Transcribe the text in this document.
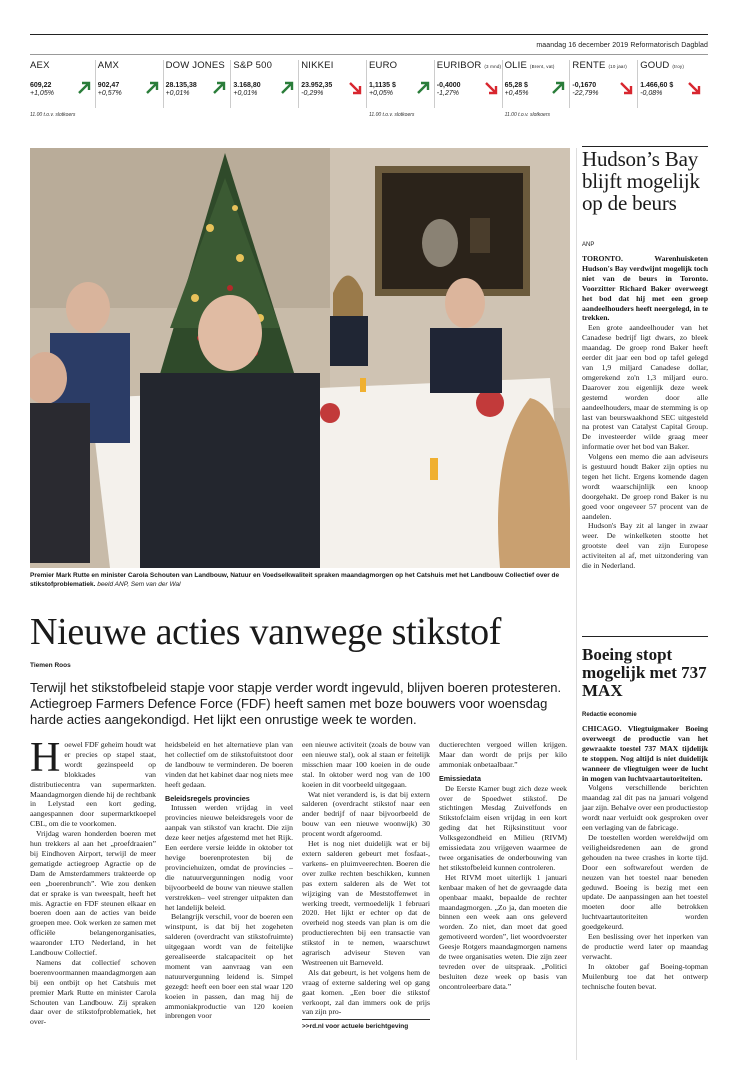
maandag 16 december 2019 Reformatorisch Dagblad
AEX
609,22
+1,05%
11.00 t.o.v. slotkoers
AMX
902,47
+0,57%
DOW JONES
28.135,38
+0,01%
S&P 500
3.168,80
+0,01%
NIKKEI
23.952,35
-0,29%
EURO
1,1135 $
+0,05%
11.00 t.o.v. slotkoers
EURIBOR (3 mnd)
-0,4000
-1,27%
OLIE (Brent, vat)
65,28 $
+0,45%
11.00 t.o.v. slotkoers
RENTE (10 jaar)
-0,1670
-22,79%
GOUD (troy)
1.466,60 $
-0,08%
Premier Mark Rutte en minister Carola Schouten van Landbouw, Natuur en Voedselkwaliteit spraken maandagmorgen op het Catshuis met het Landbouw Collectief over de stikstofproblematiek. beeld ANP, Sem van der Wal
Nieuwe acties vanwege stikstof
Tiemen Roos
Terwijl het stikstofbeleid stapje voor stapje verder wordt ingevuld, blijven boeren protesteren. Actiegroep Farmers Defence Force (FDF) heeft samen met boze bouwers voor woensdag harde acties aangekondigd. Het lijkt een onrustige week te worden.

Hoewel FDF geheim houdt wat er precies op stapel staat, wordt gezinspeeld op blokkades van distributiecentra van supermarkten. Maandagmorgen diende hij de rechtbank in Lelystad een kort geding, aangespannen door supermarktkoepel CBL, om die te voorkomen.

Vrijdag waren honderden boeren met hun trekkers al aan het „proefdraaien” bij Eindhoven Airport, terwijl de meer gematigde actiegroep Agractie op de Dam de Amsterdammers trakteerde op een „boerenbrunch”. Wie zou denken dat er sprake is van tweespalt, heeft het mis. Agractie en FDF steunen elkaar en boeren doen aan de acties van beide groepen mee. Ook werken ze samen met officiële belangenorganisaties, waaronder LTO Nederland, in het Landbouw Collectief.

Namens dat collectief schoven boerenvoormannen maandagmorgen aan bij een ontbijt op het Catshuis met premier Mark Rutte en minister Carola Schouten van Landbouw. Zij spraken daar over de stikstofproblematiek, het over-

heidsbeleid en het alternatieve plan van het collectief om de stikstofuitstoot door de landbouw te verminderen. De boeren vinden dat het kabinet daar nog niets mee heeft gedaan.

Beleidsregels provincies

Intussen werden vrijdag in veel provincies nieuwe beleidsregels voor de aanpak van stikstof van kracht. Die zijn deze keer netjes afgestemd met het Rijk. Een eerdere versie leidde in oktober tot hevige boerenprotesten bij de provinciehuizen, omdat de provincies –die natuurvergunningen nodig voor bijvoorbeeld de bouw van nieuwe stallen verstrekken– veel strenger uitpakten dan het landelijk beleid.

Belangrijk verschil, voor de boeren een winstpunt, is dat bij het zogeheten salderen (overdracht van stikstofruimte) uitgegaan wordt van de feitelijke gerealiseerde stalcapaciteit op het moment van aanvraag van een natuurvergunning leidend is. Simpel gezegd: heeft een boer een stal waar 120 koeien in passen, dan mag hij de ammoniakproductie van 120 koeien inbrengen voor

een nieuwe activiteit (zoals de bouw van een nieuwe stal), ook al staan er feitelijk misschien maar 100 koeien in de oude stal. In oktober werd nog van de 100 koeien in dit voorbeeld uitgegaan.

Wat niet veranderd is, is dat bij extern salderen (overdracht stikstof naar een ander bedrijf of naar bijvoorbeeld de bouw van een nieuwe woonwijk) 30 procent wordt afgeroomd.

Het is nog niet duidelijk wat er bij extern salderen gebeurt met fosfaat-, varkens- en pluimveerechten. Boeren die over zulke rechten beschikken, kunnen pas extern salderen als de Wet tot wijziging van de Meststoffenwet in werking treedt, vermoedelijk 1 februari 2020. Het lijkt er echter op dat de overheid nog steeds van plan is om die productierechten bij een transactie van stikstof in te nemen, waarschuwt agrarisch adviseur Steven van Westreenen uit Barneveld.

Als dat gebeurt, is het volgens hem de vraag of externe saldering wel op gang gaat komen. „Een boer die stikstof verkoopt, zal dan immers ook de prijs van zijn pro-

>>rd.nl voor actuele berichtgeving

ductierechten vergoed willen krijgen. Maar dan wordt de prijs per kilo ammoniak onbetaalbaar.”

Emissiedata

De Eerste Kamer bugt zich deze week over de Spoedwet stikstof. De stichtingen Mesdag Zuivelfonds en Stikstofclaim eisen vrijdag in een kort geding dat het Rijksinstituut voor Volksgezondheid en Milieu (RIVM) emissiedata zou vrijgeven waarmee de twee organisaties de onderbouwing van het stikstofbeleid kunnen controleren.

Het RIVM moet uiterlijk 1 januari kenbaar maken of het de gevraagde data openbaar maakt, bepaalde de rechter maandagmorgen. „Zo ja, dan moeten die binnen een week aan ons geleverd worden. Zo niet, dan moet dat goed gemotiveerd worden”, liet woordvoerster Geesje Rotgers maandagmorgen namens de twee organisaties weten. Die zijn zeer tevreden over de uitspraak. „Politici besluiten deze week op basis van oncontroleerbare data.”

Hudson’s Bay blijft mogelijk op de beurs
ANP

TORONTO. Warenhuisketen Hudson's Bay verdwijnt mogelijk toch niet van de beurs in Toronto. Voorzitter Richard Baker overweegt het bod dat hij met een groep aandeelhouders heeft neergelegd, in te trekken.

Een grote aandeelhouder van het Canadese bedrijf ligt dwars, zo bleek maandag. De groep rond Baker heeft eerder dit jaar een bod op tafel gelegd van 1,9 miljard Canadese dollar, omgerekend zo'n 1,3 miljard euro. Daarover zou eigenlijk deze week gestemd worden door alle aandeelhouders, maar de stemming is op last van beurswaakhond SEC uitgesteld na protest van Catalyst Capital Group. De investeerder wilde graag meer informatie over het bod van Baker.

Volgens een memo die aan adviseurs is gestuurd houdt Baker zijn opties nu tegen het licht. Ergens komende dagen wordt waarschijnlijk een knoop doorgehakt. De groep rond Baker is nu goed voor ongeveer 57 procent van de aandelen.

Hudson's Bay zit al langer in zwaar weer. De winkelketen stootte het grootste deel van zijn Europese activiteiten al af, met uitzondering van die in Nederland.

Boeing stopt mogelijk met 737 MAX
Redactie economie

CHICAGO. Vliegtuigmaker Boeing overweegt de productie van het gewraakte toestel 737 MAX tijdelijk te stoppen. Nog altijd is niet duidelijk wanneer de vliegtuigen weer de lucht in mogen van luchtvaartautoriteiten.

Volgens verschillende berichten maandag zal dit pas na januari volgend jaar zijn. Behalve over een productiestop wordt naar verluidt ook gesproken over een verlaging van de fabricage.

De toestellen worden wereldwijd om veiligheidsredenen aan de grond gehouden na twee crashes in korte tijd. Door een softwarefout werden de neuzen van het toestel naar beneden geduwd. Boeing is bezig met een update. De aanpassingen aan het toestel moeten door alle betrokken luchtvaartautoriteiten worden goedgekeurd.

Een beslissing over het inperken van de productie werd later op maandag verwacht.

In oktober gaf Boeing-topman Muilenburg toe dat het ontwerp technische fouten bevat.
